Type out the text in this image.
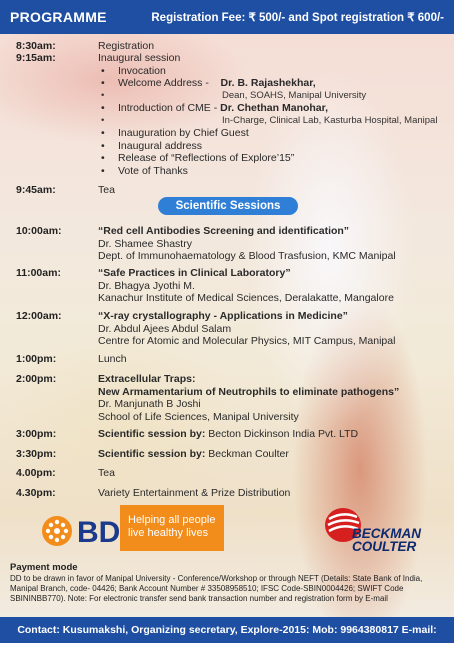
PROGRAMME	Registration Fee: ₹ 500/- and Spot registration ₹ 600/-
8:30am:	Registration
9:15am:	Inaugural session
• Invocation
• Welcome Address - Dr. B. Rajashekhar,
• Dean, SOAHS, Manipal University
• Introduction of CME - Dr. Chethan Manohar,
• In-Charge, Clinical Lab, Kasturba Hospital, Manipal
• Inauguration by Chief Guest
• Inaugural address
• Release of “Reflections of Explore’15”
• Vote of Thanks
9:45am:	Tea
Scientific Sessions
10:00am:	“Red cell Antibodies Screening and identification”
Dr. Shamee Shastry
Dept. of Immunohaematology & Blood Trasfusion, KMC Manipal
11:00am:	“Safe Practices in Clinical Laboratory”
Dr. Bhagya Jyothi M.
Kanachur Institute of Medical Sciences, Deralakatte, Mangalore
12:00am:	“X-ray crystallography - Applications in Medicine”
Dr. Abdul Ajees Abdul Salam
Centre for Atomic and Molecular Physics, MIT Campus, Manipal
1:00pm:	Lunch
2:00pm:	Extracellular Traps:
New Armamentarium of Neutrophils to eliminate pathogens”
Dr. Manjunath B Joshi
School of Life Sciences, Manipal University
3:00pm:	Scientific session by: Becton Dickinson India Pvt. LTD
3:30pm:	Scientific session by: Beckman Coulter
4.00pm:	Tea
4.30pm:	Variety Entertainment & Prize Distribution
BD Helping all people
live healthy lives	BECKMAN
COULTER
Payment mode
DD to be drawn in favor of Manipal University - Conference/Workshop or through NEFT (Details: State Bank of India, Manipal Branch, code- 04426; Bank Account Number # 33508958510; IFSC Code-SBIN0004426; SWIFT Code SBININBB770). Note: For electronic transfer send bank transaction number and registration form by E-mail
Contact: Kusumakshi, Organizing secretary, Explore-2015: Mob: 9964380817 E-mail: explore.mit2015@gmail.com
